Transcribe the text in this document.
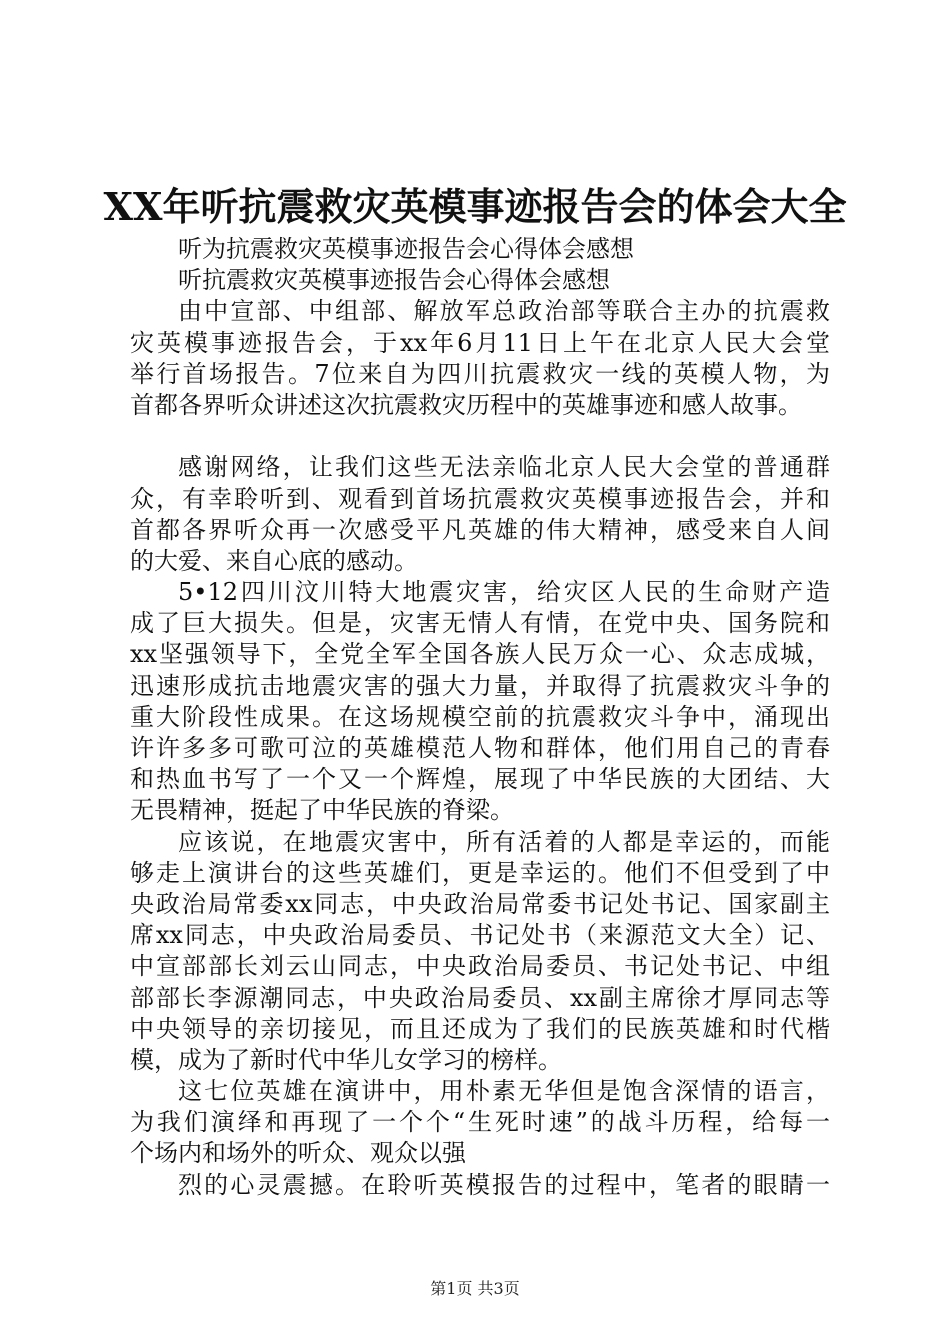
XX年听抗震救灾英模事迹报告会的体会大全
听为抗震救灾英模事迹报告会心得体会感想
听抗震救灾英模事迹报告会心得体会感想
由中宣部、中组部、解放军总政治部等联合主办的抗震救
灾英模事迹报告会，于xx年6月11日上午在北京人民大会堂
举行首场报告。7位来自为四川抗震救灾一线的英模人物，为
首都各界听众讲述这次抗震救灾历程中的英雄事迹和感人故事。
感谢网络，让我们这些无法亲临北京人民大会堂的普通群
众，有幸聆听到、观看到首场抗震救灾英模事迹报告会，并和
首都各界听众再一次感受平凡英雄的伟大精神，感受来自人间
的大爱、来自心底的感动。
5•12四川汶川特大地震灾害，给灾区人民的生命财产造
成了巨大损失。但是，灾害无情人有情，在党中央、国务院和
xx坚强领导下，全党全军全国各族人民万众一心、众志成城，
迅速形成抗击地震灾害的强大力量，并取得了抗震救灾斗争的
重大阶段性成果。在这场规模空前的抗震救灾斗争中，涌现出
许许多多可歌可泣的英雄模范人物和群体，他们用自己的青春
和热血书写了一个又一个辉煌，展现了中华民族的大团结、大
无畏精神，挺起了中华民族的脊梁。
应该说，在地震灾害中，所有活着的人都是幸运的，而能
够走上演讲台的这些英雄们，更是幸运的。他们不但受到了中
央政治局常委xx同志，中央政治局常委书记处书记、国家副主
席xx同志，中央政治局委员、书记处书（来源范文大全）记、
中宣部部长刘云山同志，中央政治局委员、书记处书记、中组
部部长李源潮同志，中央政治局委员、xx副主席徐才厚同志等
中央领导的亲切接见，而且还成为了我们的民族英雄和时代楷
模，成为了新时代中华儿女学习的榜样。
这七位英雄在演讲中，用朴素无华但是饱含深情的语言，
为我们演绎和再现了一个个“生死时速”的战斗历程，给每一
个场内和场外的听众、观众以强
烈的心灵震撼。在聆听英模报告的过程中，笔者的眼睛一
第1页 共3页
